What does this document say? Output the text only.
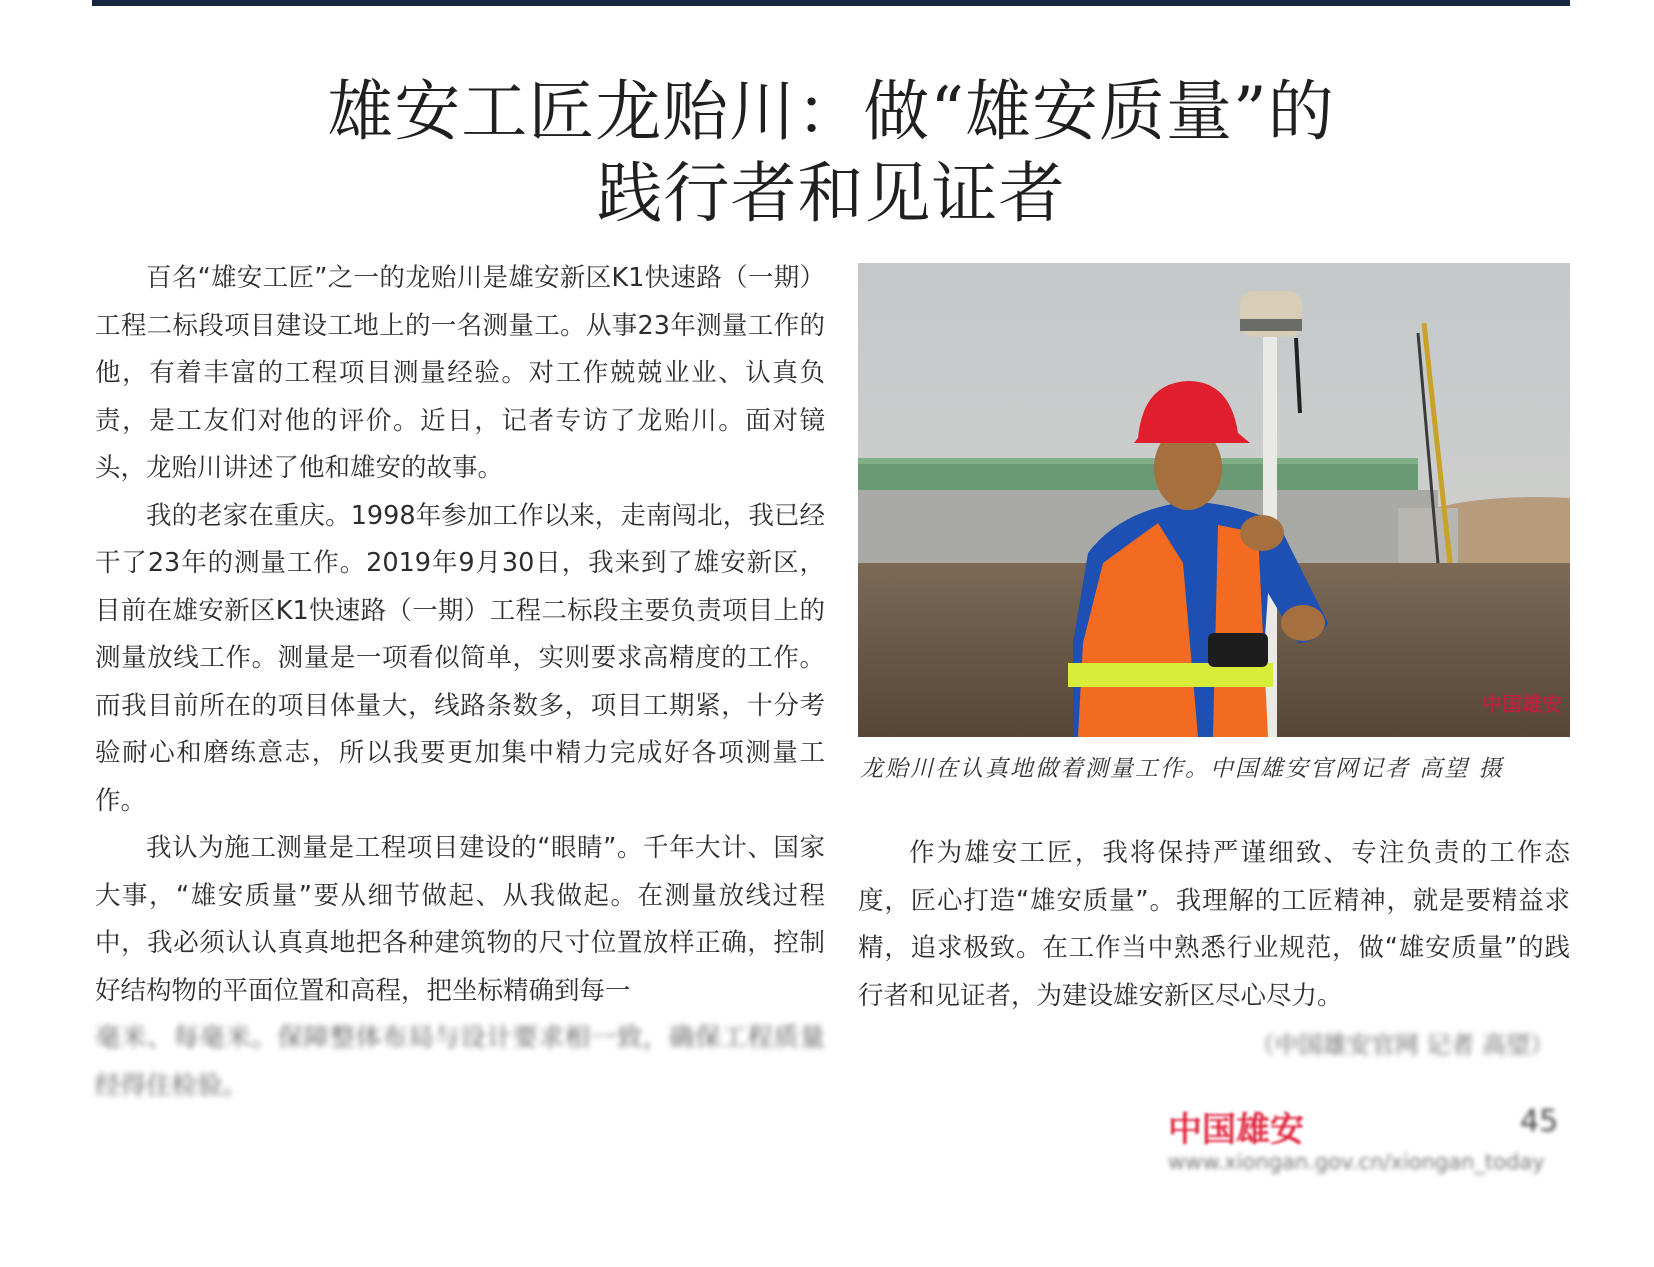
雄安工匠龙贻川：做“雄安质量”的
践行者和见证者

百名“雄安工匠”之一的龙贻川是雄安新区K1快速路（一期）工程二标段项目建设工地上的一名测量工。从事23年测量工作的他，有着丰富的工程项目测量经验。对工作兢兢业业、认真负责，是工友们对他的评价。近日，记者专访了龙贻川。面对镜头，龙贻川讲述了他和雄安的故事。

我的老家在重庆。1998年参加工作以来，走南闯北，我已经干了23年的测量工作。2019年9月30日，我来到了雄安新区，目前在雄安新区K1快速路（一期）工程二标段主要负责项目上的测量放线工作。测量是一项看似简单，实则要求高精度的工作。而我目前所在的项目体量大，线路条数多，项目工期紧，十分考验耐心和磨练意志，所以我要更加集中精力完成好各项测量工作。

我认为施工测量是工程项目建设的“眼睛”。千年大计、国家大事，“雄安质量”要从细节做起、从我做起。在测量放线过程中，我必须认认真真地把各种建筑物的尺寸位置放样正确，控制好结构物的平面位置和高程，把坐标精确到每一

毫米、每毫米。保障整体布局与设计要求相一致，确保工程质量经得住检验。

中国雄安
龙贻川在认真地做着测量工作。中国雄安官网记者 高望 摄

作为雄安工匠，我将保持严谨细致、专注负责的工作态度，匠心打造“雄安质量”。我理解的工匠精神，就是要精益求精，追求极致。在工作当中熟悉行业规范，做“雄安质量”的践行者和见证者，为建设雄安新区尽心尽力。

（中国雄安官网 记者 高望）
中国雄安	45
www.xiongan.gov.cn/xiongan_today
